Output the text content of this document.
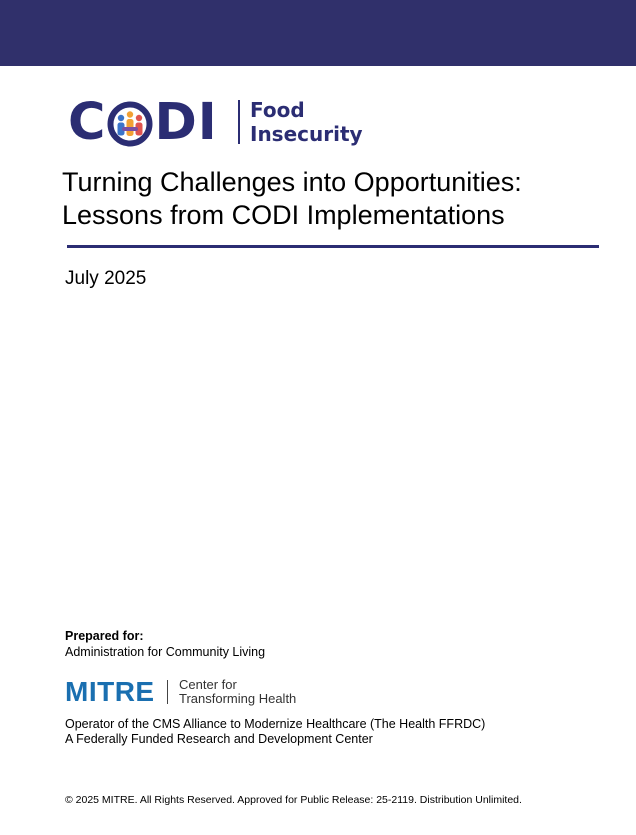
C D I Food
Insecurity
Turning Challenges into Opportunities:
Lessons from CODI Implementations
July 2025
Prepared for:
Administration for Community Living
MITRE Center for
Transforming Health
Operator of the CMS Alliance to Modernize Healthcare (The Health FFRDC)
A Federally Funded Research and Development Center
© 2025 MITRE. All Rights Reserved. Approved for Public Release: 25-2119. Distribution Unlimited.
